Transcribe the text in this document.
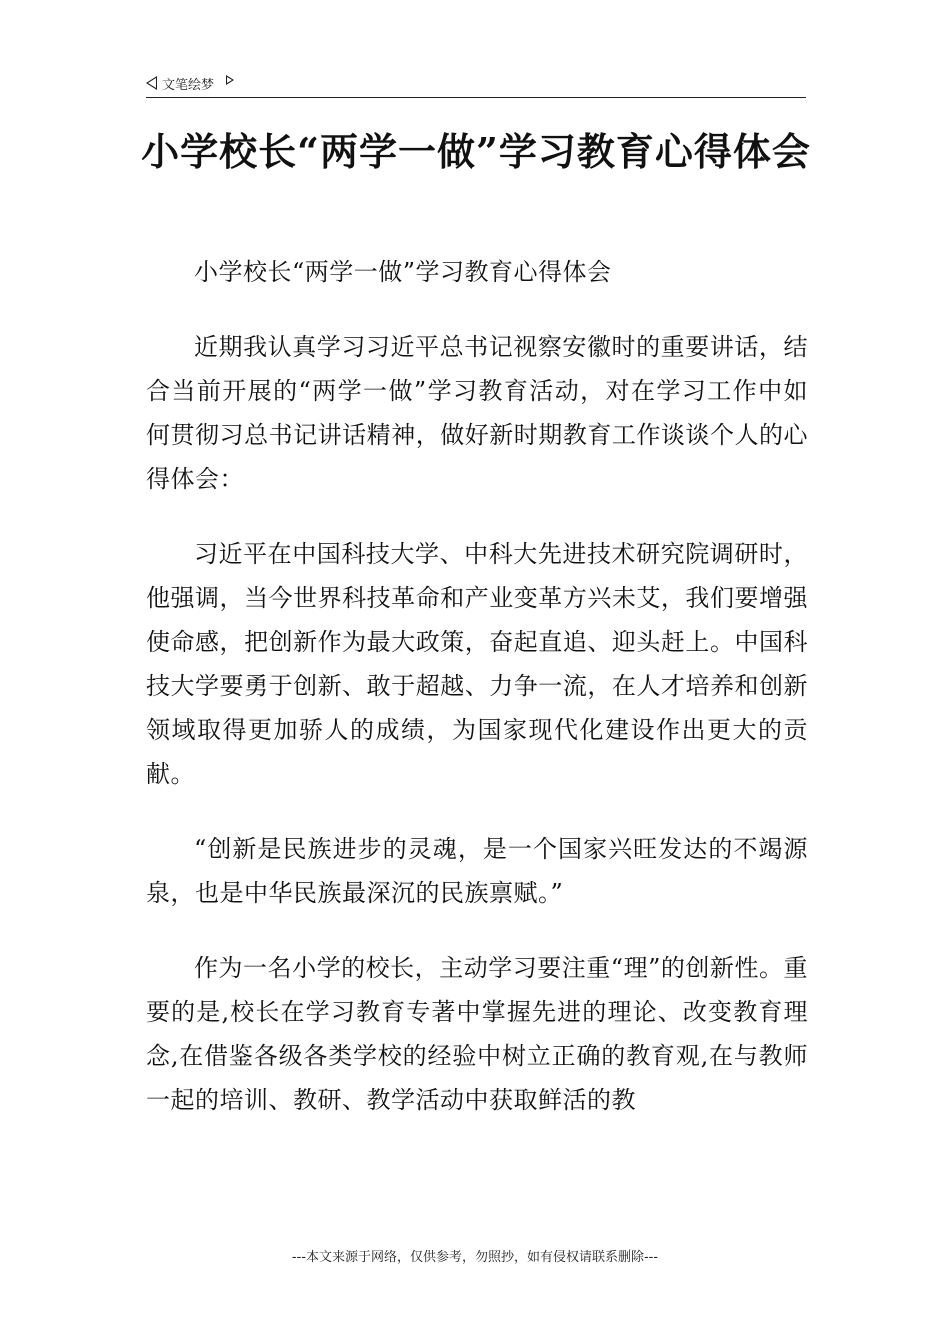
文笔绘梦
小学校长“两学一做”学习教育心得体会

小学校长“两学一做”学习教育心得体会

近期我认真学习习近平总书记视察安徽时的重要讲话，结合当前开展的“两学一做”学习教育活动，对在学习工作中如何贯彻习总书记讲话精神，做好新时期教育工作谈谈个人的心得体会：

习近平在中国科技大学、中科大先进技术研究院调研时，他强调，当今世界科技革命和产业变革方兴未艾，我们要增强使命感，把创新作为最大政策，奋起直追、迎头赶上。中国科技大学要勇于创新、敢于超越、力争一流，在人才培养和创新领域取得更加骄人的成绩，为国家现代化建设作出更大的贡献。

“创新是民族进步的灵魂，是一个国家兴旺发达的不竭源泉，也是中华民族最深沉的民族禀赋。”

作为一名小学的校长，主动学习要注重“理”的创新性。重要的是,校长在学习教育专著中掌握先进的理论、改变教育理念,在借鉴各级各类学校的经验中树立正确的教育观,在与教师一起的培训、教研、教学活动中获取鲜活的教

---本文来源于网络，仅供参考，勿照抄，如有侵权请联系删除---
